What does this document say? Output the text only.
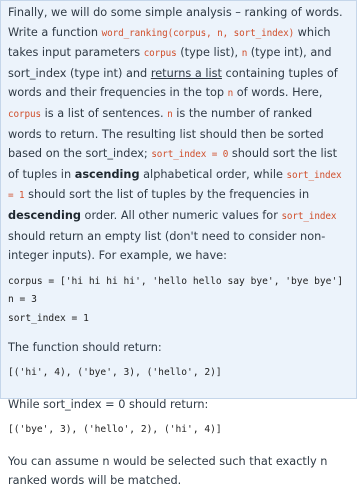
Finally, we will do some simple analysis – ranking of words. Write a function word_ranking(corpus, n, sort_index) which takes input parameters corpus (type list), n (type int), and sort_index (type int) and returns a list containing tuples of words and their frequencies in the top n of words. Here, corpus is a list of sentences. n is the number of ranked words to return. The resulting list should then be sorted based on the sort_index; sort_index = 0 should sort the list of tuples in ascending alphabetical order, while sort_index = 1 should sort the list of tuples by the frequencies in descending order. All other numeric values for sort_index should return an empty list (don't need to consider non-integer inputs). For example, we have:

corpus = ['hi hi hi hi', 'hello hello say bye', 'bye bye']
n = 3
sort_index = 1

The function should return:

[('hi', 4), ('bye', 3), ('hello', 2)]

While sort_index = 0 should return:

[('bye', 3), ('hello', 2), ('hi', 4)]

You can assume n would be selected such that exactly n ranked words will be matched.
